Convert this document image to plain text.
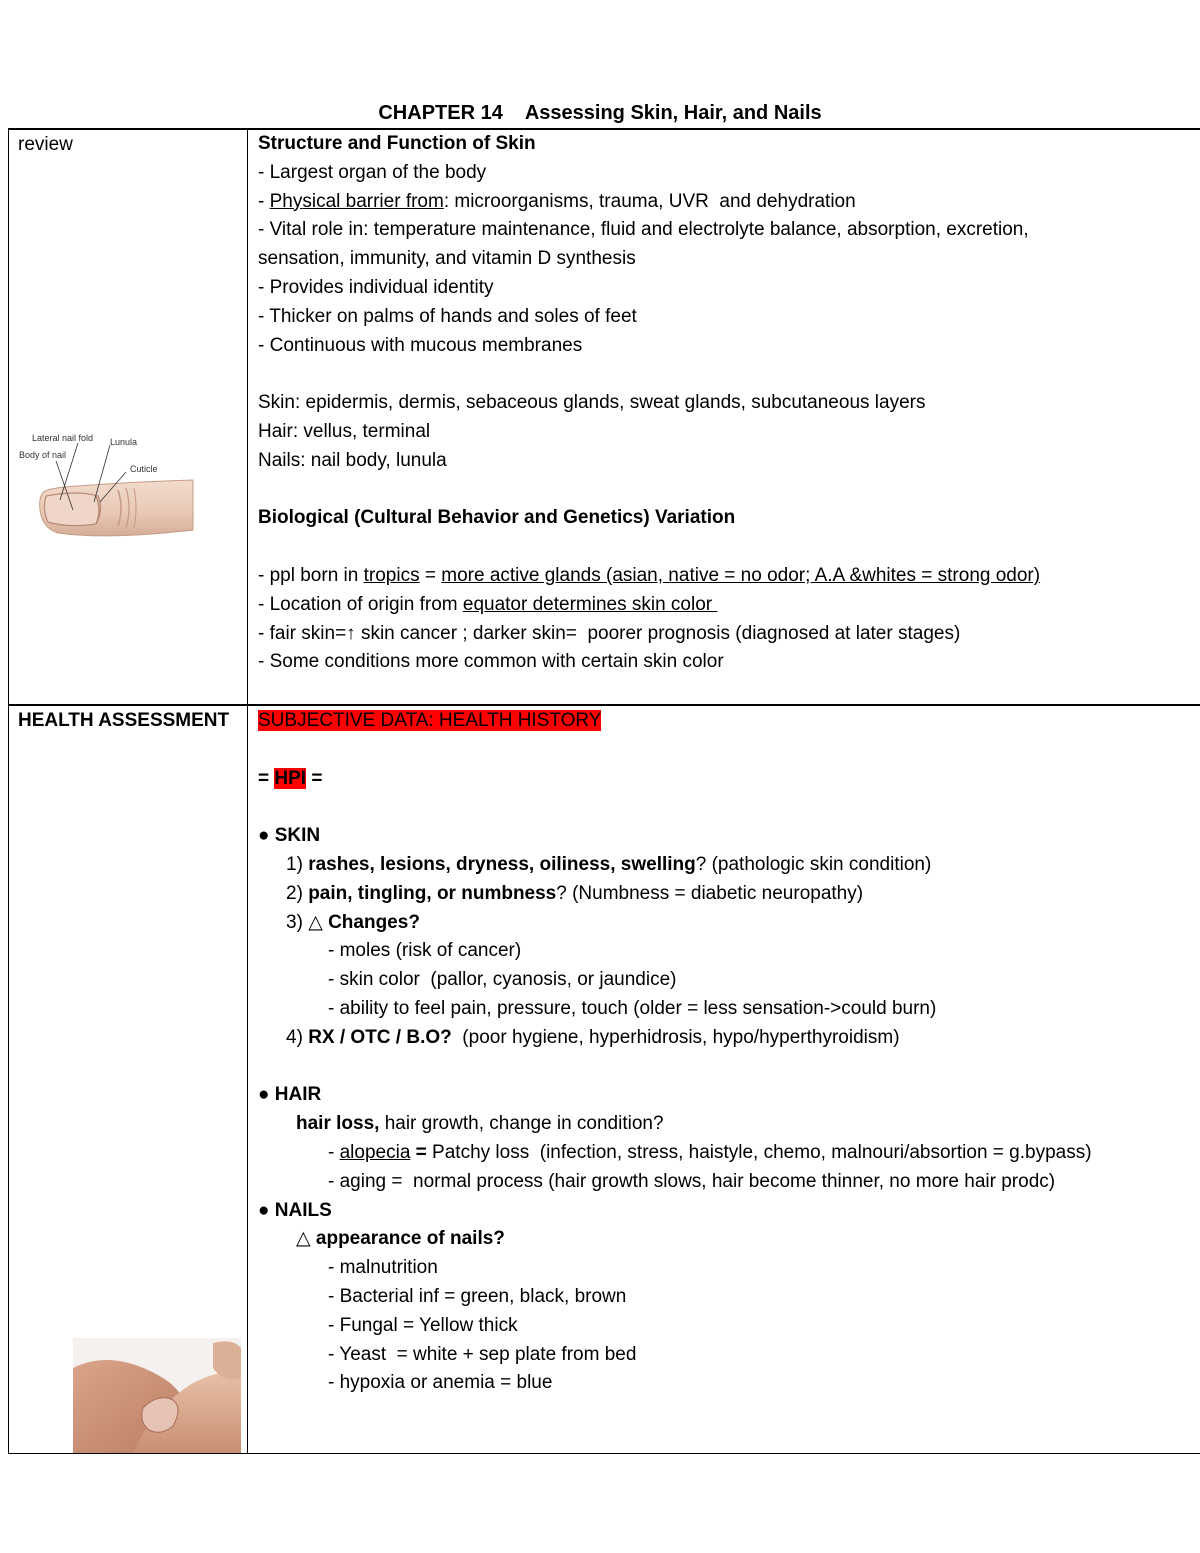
CHAPTER 14 Assessing Skin, Hair, and Nails
review
Lateral nail fold Lunula
Body of nail
Cuticle
Structure and Function of Skin
- Largest organ of the body
- Physical barrier from: microorganisms, trauma, UVR  and dehydration
- Vital role in: temperature maintenance, fluid and electrolyte balance, absorption, excretion,
sensation, immunity, and vitamin D synthesis
- Provides individual identity
- Thicker on palms of hands and soles of feet
- Continuous with mucous membranes
Skin: epidermis, dermis, sebaceous glands, sweat glands, subcutaneous layers
Hair: vellus, terminal
Nails: nail body, lunula
Biological (Cultural Behavior and Genetics) Variation
- ppl born in tropics = more active glands (asian, native = no odor; A.A &whites = strong odor)
- Location of origin from equator determines skin color
- fair skin=↑ skin cancer ; darker skin=  poorer prognosis (diagnosed at later stages)
- Some conditions more common with certain skin color
HEALTH ASSESSMENT SUBJECTIVE DATA: HEALTH HISTORY
= HPI =
● SKIN
1) rashes, lesions, dryness, oiliness, swelling? (pathologic skin condition)
2) pain, tingling, or numbness? (Numbness = diabetic neuropathy)
3) △ Changes?
- moles (risk of cancer)
- skin color  (pallor, cyanosis, or jaundice)
- ability to feel pain, pressure, touch (older = less sensation->could burn)
4) RX / OTC / B.O?  (poor hygiene, hyperhidrosis, hypo/hyperthyroidism)
● HAIR
hair loss, hair growth, change in condition?
- alopecia = Patchy loss  (infection, stress, haistyle, chemo, malnouri/absortion = g.bypass)
- aging =  normal process (hair growth slows, hair become thinner, no more hair prodc)
● NAILS
△ appearance of nails?
- malnutrition
- Bacterial inf = green, black, brown
- Fungal = Yellow thick
- Yeast  = white + sep plate from bed
- hypoxia or anemia = blue
